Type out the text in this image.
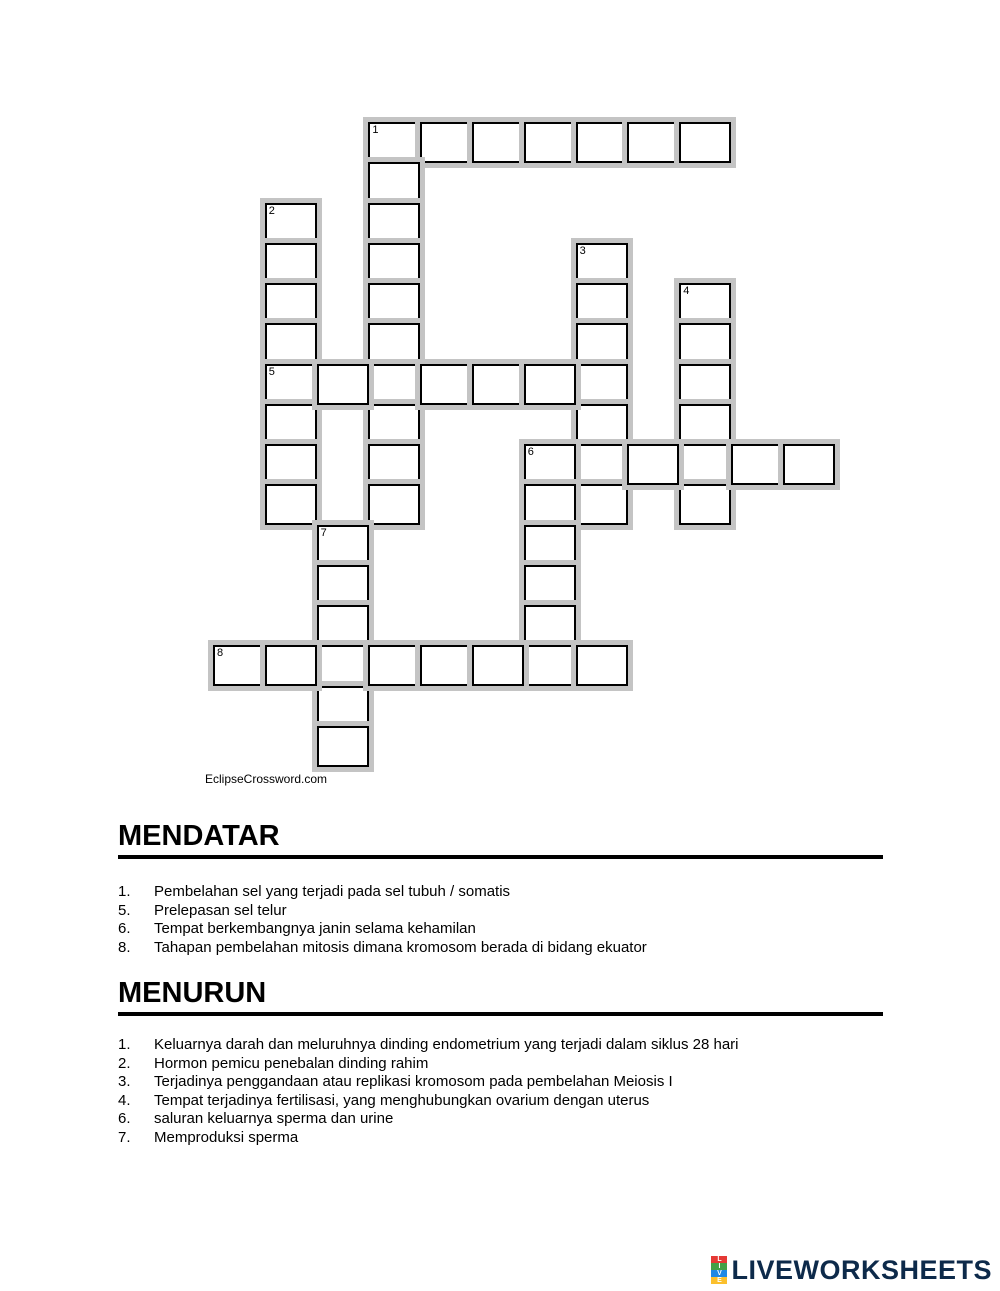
1
2
5
3
4
6
7
8
EclipseCrossword.com
MENDATAR
1. Pembelahan sel yang terjadi pada sel tubuh / somatis
5. Prelepasan sel telur
6. Tempat berkembangnya janin selama kehamilan
8. Tahapan pembelahan mitosis dimana kromosom berada di bidang ekuator
MENURUN
1. Keluarnya darah dan meluruhnya dinding endometrium yang terjadi dalam siklus 28 hari
2. Hormon pemicu penebalan dinding rahim
3. Terjadinya penggandaan atau replikasi kromosom pada pembelahan Meiosis I
4. Tempat terjadinya fertilisasi, yang menghubungkan ovarium dengan uterus
6. saluran keluarnya sperma dan urine
7. Memproduksi sperma
L
I
V
E LIVEWORKSHEETS
